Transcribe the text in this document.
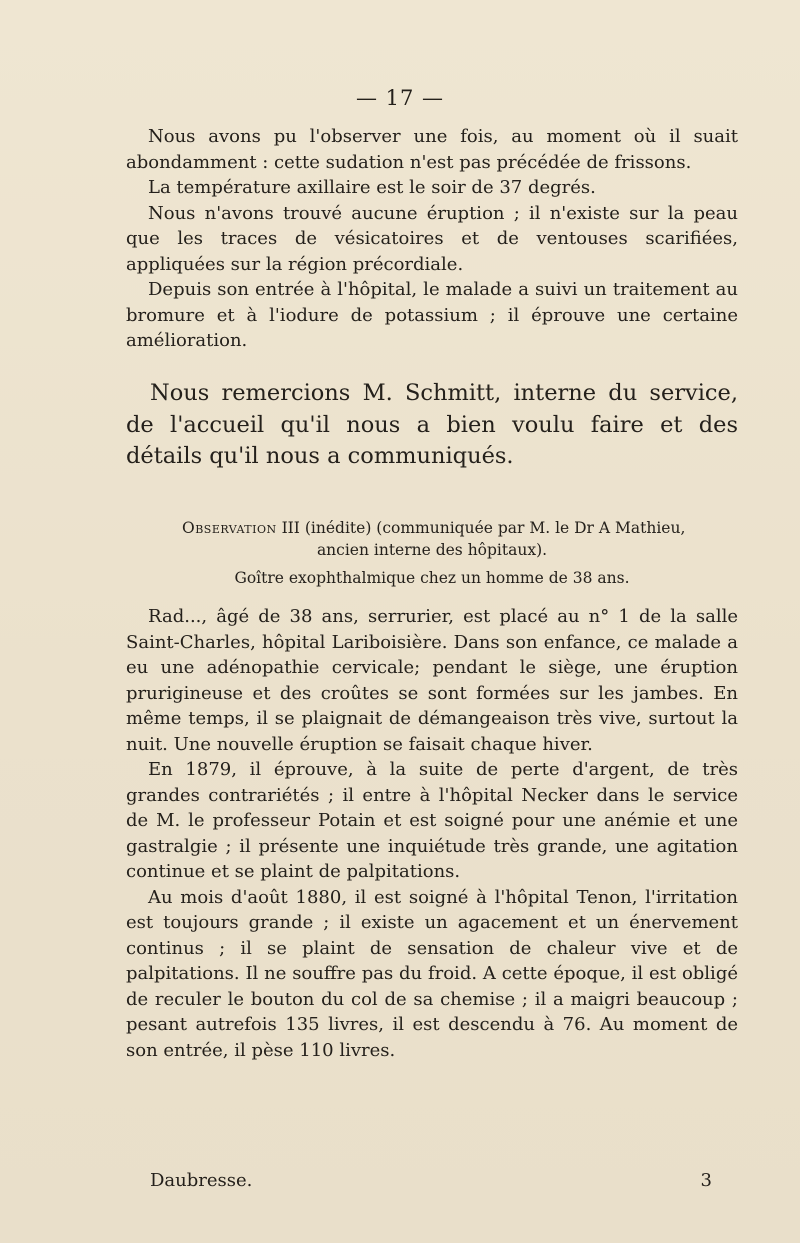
— 17 —

Nous avons pu l'observer une fois, au moment où il suait abondamment : cette sudation n'est pas précédée de frissons.

La température axillaire est le soir de 37 degrés.

Nous n'avons trouvé aucune éruption ; il n'existe sur la peau que les traces de vésicatoires et de ventouses scarifiées, appliquées sur la région précordiale.

Depuis son entrée à l'hôpital, le malade a suivi un traitement au bromure et à l'iodure de potassium ; il éprouve une certaine amélioration.

Nous remercions M. Schmitt, interne du service, de l'accueil qu'il nous a bien voulu faire et des détails qu'il nous a communiqués.

Observation III (inédite) (communiquée par M. le Dr A Mathieu,

ancien interne des hôpitaux).

Goître exophthalmique chez un homme de 38 ans.

Rad..., âgé de 38 ans, serrurier, est placé au n° 1 de la salle Saint-Charles, hôpital Lariboisière. Dans son enfance, ce malade a eu une adénopathie cervicale; pendant le siège, une éruption prurigineuse et des croûtes se sont formées sur les jambes. En même temps, il se plaignait de démangeaison très vive, surtout la nuit. Une nouvelle éruption se faisait chaque hiver.

En 1879, il éprouve, à la suite de perte d'argent, de très grandes contrariétés ; il entre à l'hôpital Necker dans le service de M. le professeur Potain et est soigné pour une anémie et une gastralgie ; il présente une inquiétude très grande, une agitation continue et se plaint de palpitations.

Au mois d'août 1880, il est soigné à l'hôpital Tenon, l'irritation est toujours grande ; il existe un agacement et un énervement continus ; il se plaint de sensation de chaleur vive et de palpitations. Il ne souffre pas du froid. A cette époque, il est obligé de reculer le bouton du col de sa chemise ; il a maigri beaucoup ; pesant autrefois 135 livres, il est descendu à 76. Au moment de son entrée, il pèse 110 livres.

Daubresse.	3
